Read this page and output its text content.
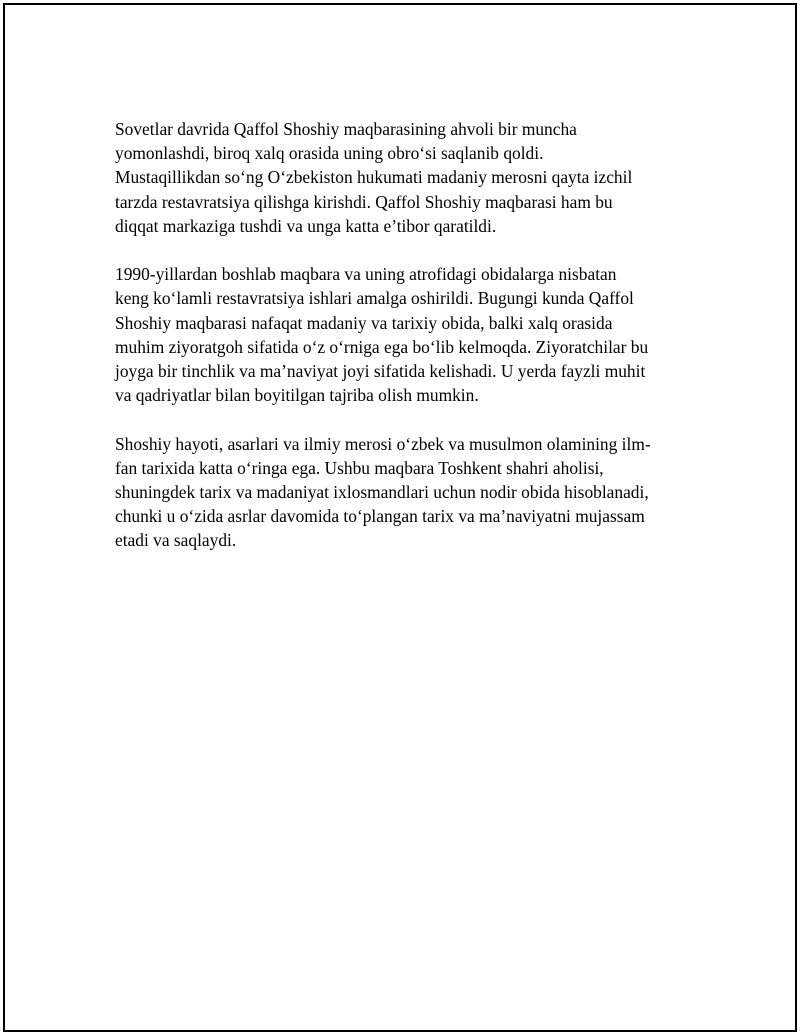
Sovetlar davrida Qaffol Shoshiy maqbarasining ahvoli bir muncha
yomonlashdi, biroq xalq orasida uning obro‘si saqlanib qoldi.
Mustaqillikdan so‘ng O‘zbekiston hukumati madaniy merosni qayta izchil
tarzda restavratsiya qilishga kirishdi. Qaffol Shoshiy maqbarasi ham bu
diqqat markaziga tushdi va unga katta e’tibor qaratildi.

1990-yillardan boshlab maqbara va uning atrofidagi obidalarga nisbatan
keng ko‘lamli restavratsiya ishlari amalga oshirildi. Bugungi kunda Qaffol
Shoshiy maqbarasi nafaqat madaniy va tarixiy obida, balki xalq orasida
muhim ziyoratgoh sifatida o‘z o‘rniga ega bo‘lib kelmoqda. Ziyoratchilar bu
joyga bir tinchlik va ma’naviyat joyi sifatida kelishadi. U yerda fayzli muhit
va qadriyatlar bilan boyitilgan tajriba olish mumkin.

Shoshiy hayoti, asarlari va ilmiy merosi o‘zbek va musulmon olamining ilm-
fan tarixida katta o‘ringa ega. Ushbu maqbara Toshkent shahri aholisi,
shuningdek tarix va madaniyat ixlosmandlari uchun nodir obida hisoblanadi,
chunki u o‘zida asrlar davomida to‘plangan tarix va ma’naviyatni mujassam
etadi va saqlaydi.
